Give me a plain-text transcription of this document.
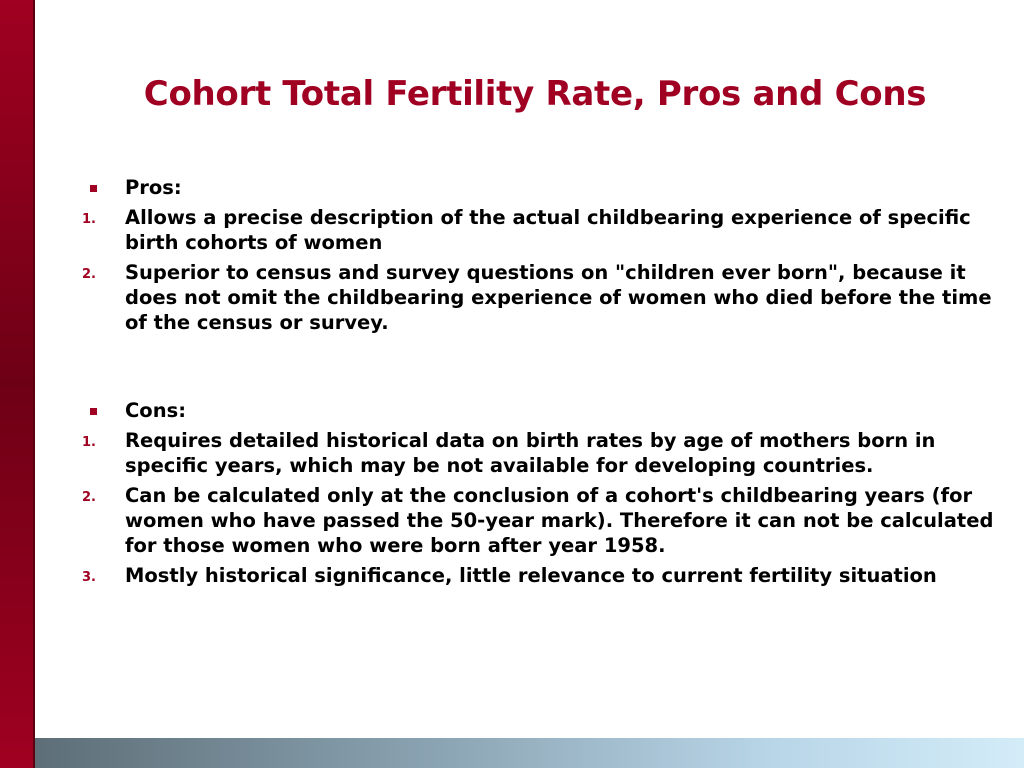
Cohort Total Fertility Rate, Pros and Cons
Pros:
1. Allows a precise description of the actual childbearing experience of specific birth cohorts of women
2. Superior to census and survey questions on "children ever born", because it does not omit the childbearing experience of women who died before the time of the census or survey.
Cons:
1. Requires detailed historical data on birth rates by age of mothers born in specific years, which may be not available for developing countries.
2. Can be calculated only at the conclusion of a cohort's childbearing years (for women who have passed the 50-year mark). Therefore it can not be calculated for those women who were born after year 1958.
3. Mostly historical significance, little relevance to current fertility situation
